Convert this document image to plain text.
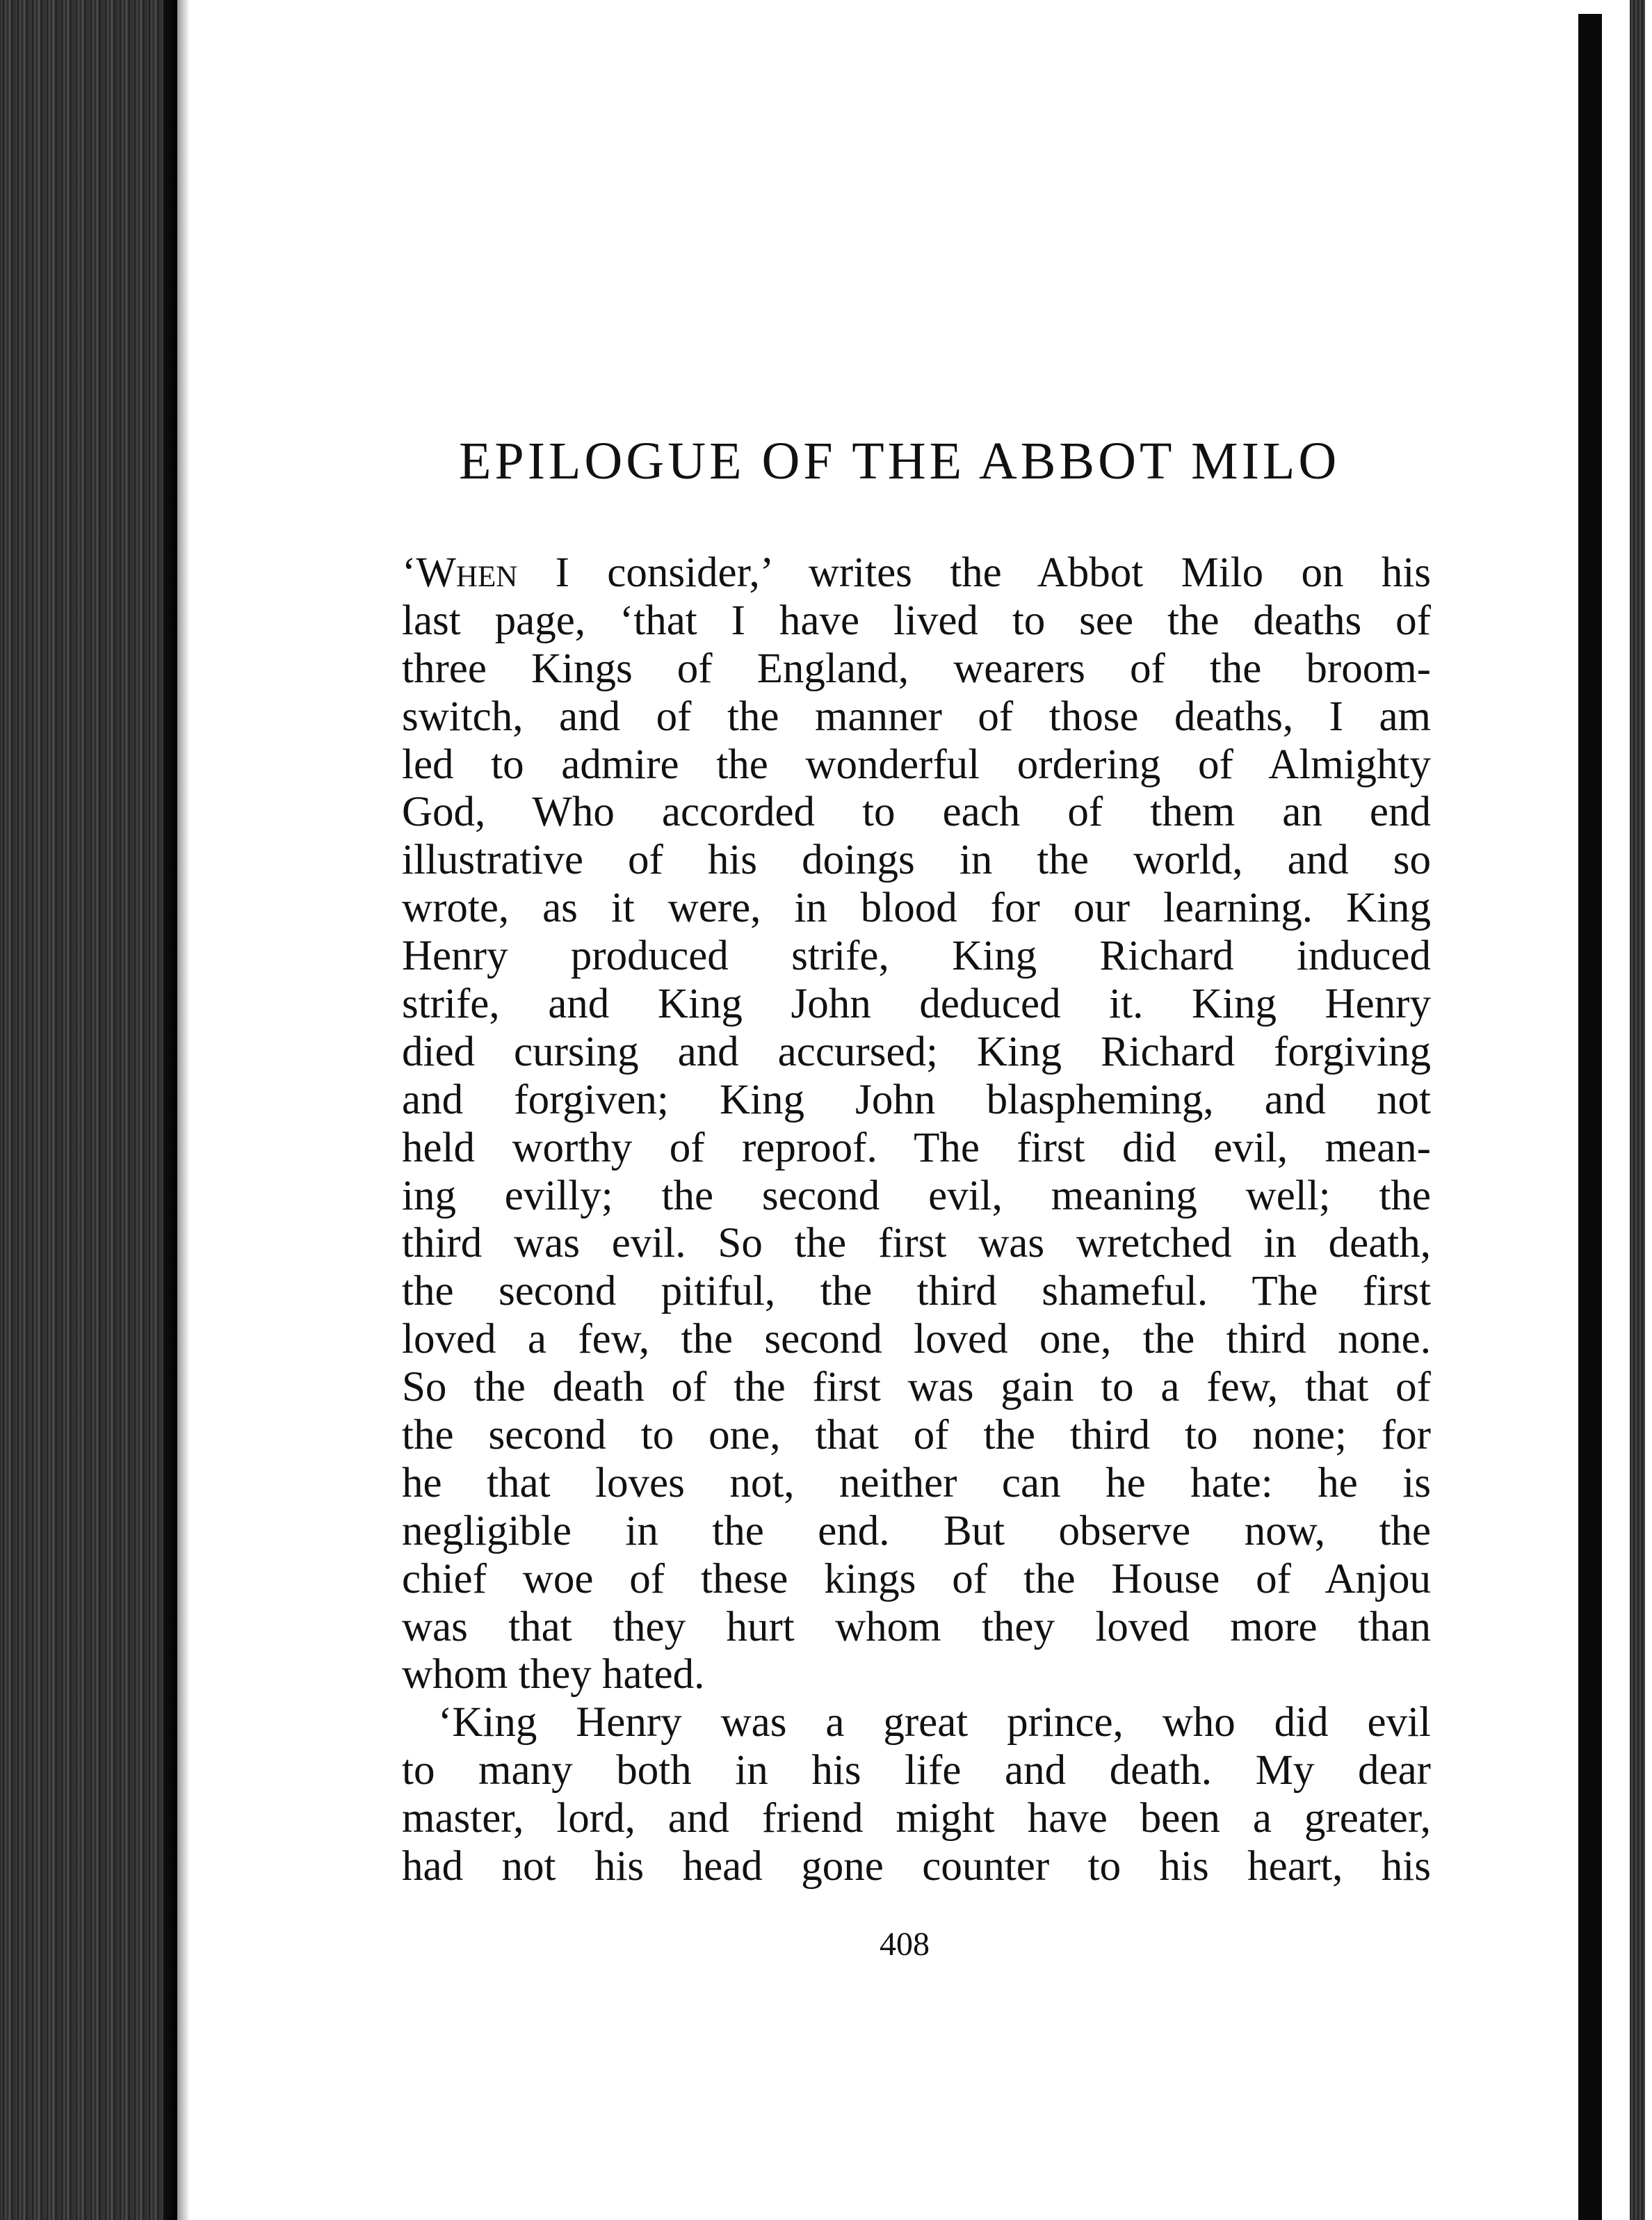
EPILOGUE OF THE ABBOT MILO
‘When I consider,’ writes the Abbot Milo on his
last page, ‘that I have lived to see the deaths of
three Kings of England, wearers of the broom-
switch, and of the manner of those deaths, I am
led to admire the wonderful ordering of Almighty
God, Who accorded to each of them an end
illustrative of his doings in the world, and so
wrote, as it were, in blood for our learning. King
Henry produced strife, King Richard induced
strife, and King John deduced it. King Henry
died cursing and accursed; King Richard forgiving
and forgiven; King John blaspheming, and not
held worthy of reproof. The first did evil, mean-
ing evilly; the second evil, meaning well; the
third was evil. So the first was wretched in death,
the second pitiful, the third shameful. The first
loved a few, the second loved one, the third none.
So the death of the first was gain to a few, that of
the second to one, that of the third to none; for
he that loves not, neither can he hate: he is
negligible in the end. But observe now, the
chief woe of these kings of the House of Anjou
was that they hurt whom they loved more than
whom they hated.
‘King Henry was a great prince, who did evil
to many both in his life and death. My dear
master, lord, and friend might have been a greater,
had not his head gone counter to his heart, his

408
